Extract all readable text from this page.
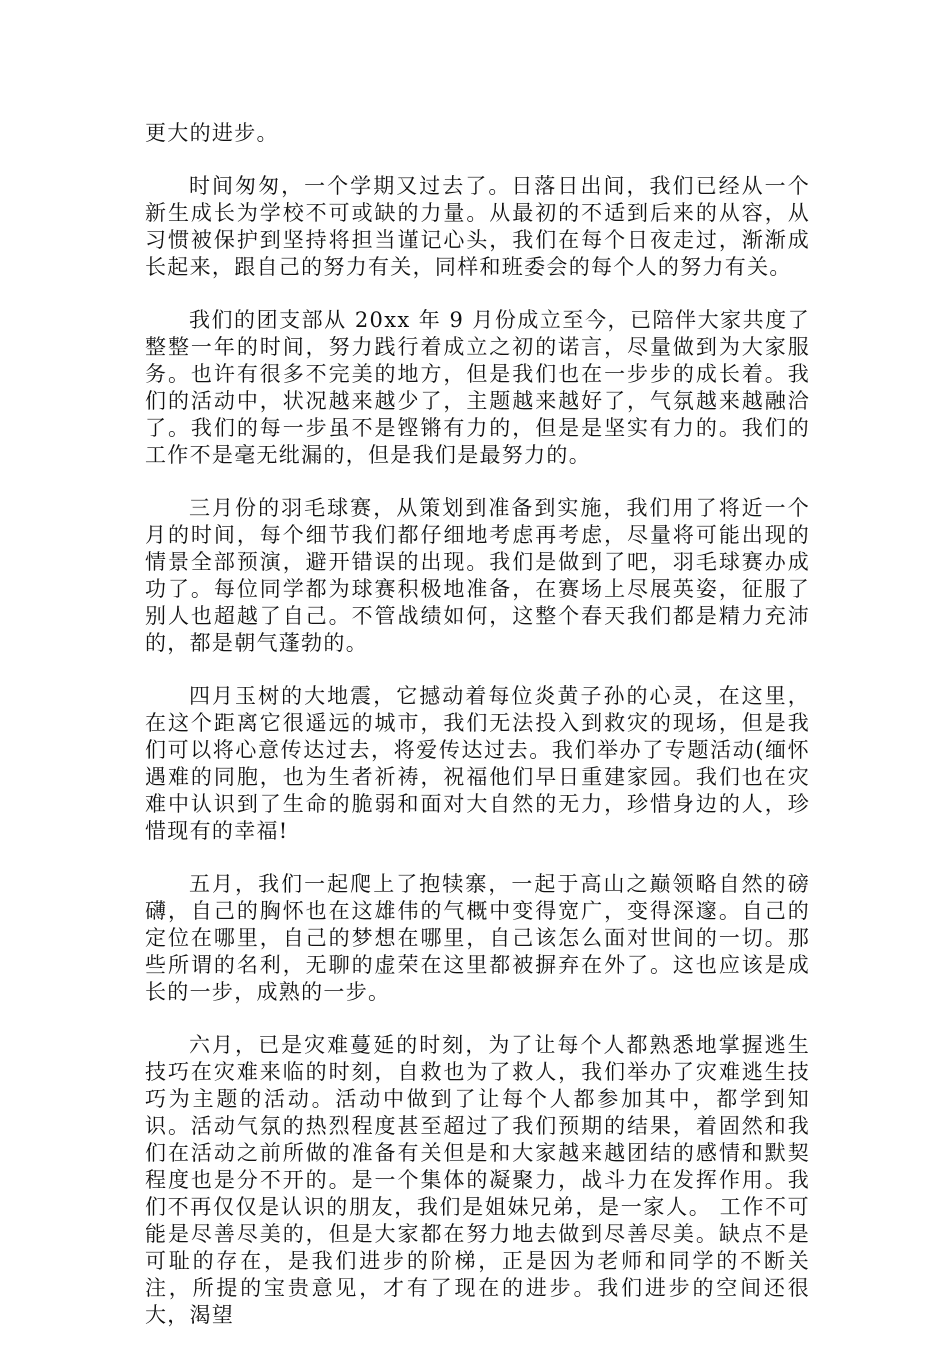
更大的进步。

时间匆匆，一个学期又过去了。日落日出间，我们已经从一个新生成长为学校不可或缺的力量。从最初的不适到后来的从容，从习惯被保护到坚持将担当谨记心头，我们在每个日夜走过，渐渐成长起来，跟自己的努力有关，同样和班委会的每个人的努力有关。

我们的团支部从 20xx 年 9 月份成立至今，已陪伴大家共度了整整一年的时间，努力践行着成立之初的诺言，尽量做到为大家服务。也许有很多不完美的地方，但是我们也在一步步的成长着。我们的活动中，状况越来越少了，主题越来越好了，气氛越来越融洽了。我们的每一步虽不是铿锵有力的，但是是坚实有力的。我们的工作不是毫无纰漏的，但是我们是最努力的。

三月份的羽毛球赛，从策划到准备到实施，我们用了将近一个月的时间，每个细节我们都仔细地考虑再考虑，尽量将可能出现的情景全部预演，避开错误的出现。我们是做到了吧，羽毛球赛办成功了。每位同学都为球赛积极地准备，在赛场上尽展英姿，征服了别人也超越了自己。不管战绩如何，这整个春天我们都是精力充沛的，都是朝气蓬勃的。

四月玉树的大地震，它撼动着每位炎黄子孙的心灵，在这里，在这个距离它很遥远的城市，我们无法投入到救灾的现场，但是我们可以将心意传达过去，将爱传达过去。我们举办了专题活动(缅怀遇难的同胞，也为生者祈祷，祝福他们早日重建家园。我们也在灾难中认识到了生命的脆弱和面对大自然的无力，珍惜身边的人，珍惜现有的幸福!

五月，我们一起爬上了抱犊寨，一起于高山之巅领略自然的磅礴，自己的胸怀也在这雄伟的气概中变得宽广，变得深邃。自己的定位在哪里，自己的梦想在哪里，自己该怎么面对世间的一切。那些所谓的名利，无聊的虚荣在这里都被摒弃在外了。这也应该是成长的一步，成熟的一步。

六月，已是灾难蔓延的时刻，为了让每个人都熟悉地掌握逃生技巧在灾难来临的时刻，自救也为了救人，我们举办了灾难逃生技巧为主题的活动。活动中做到了让每个人都参加其中，都学到知识。活动气氛的热烈程度甚至超过了我们预期的结果，着固然和我们在活动之前所做的准备有关但是和大家越来越团结的感情和默契程度也是分不开的。是一个集体的凝聚力，战斗力在发挥作用。我们不再仅仅是认识的朋友，我们是姐妹兄弟，是一家人。 工作不可能是尽善尽美的，但是大家都在努力地去做到尽善尽美。缺点不是可耻的存在，是我们进步的阶梯，正是因为老师和同学的不断关注，所提的宝贵意见，才有了现在的进步。我们进步的空间还很大，渴望
